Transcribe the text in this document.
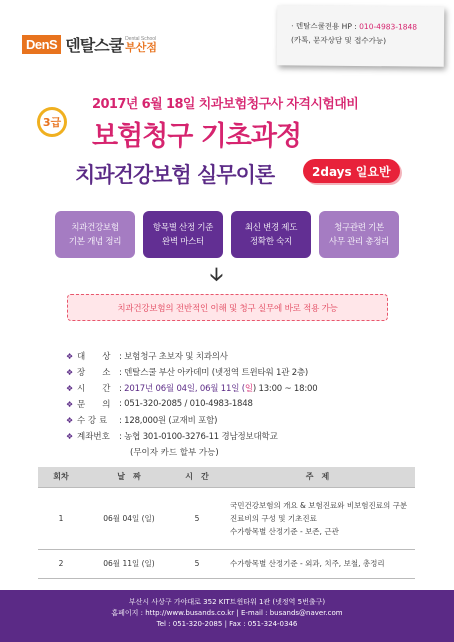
DenS 덴탈스쿨 Dental School
부산점
· 덴탈스쿨전용 HP : 010-4983-1848
(카톡, 문자상담 및 접수가능)
3급
2017년 6월 18일 치과보험청구사 자격시험대비
보험청구 기초과정
치과건강보험 실무이론	2days 일요반
치과건강보험
기본 개념 정리
항목별 산정 기준
완벽 마스터
최신 변경 제도
정확한 숙지
청구관련 기본
사무 관리 총정리
🡣
치과건강보험의 전반적인 이해 및 청구 실무에 바로 적용 가능
❖ 대　　상	: 보험청구 초보자 및 치과의사
❖ 장　　소	: 덴탈스쿨 부산 아카데미 (넷정역 트윈타워 1관 2층)
❖ 시　　간	: 2017년 06월 04일, 06월 11일 (일) 13:00 ~ 18:00
❖ 문　　의	: 051-320-2085 / 010-4983-1848
❖ 수 강 료	: 128,000원 (교재비 포함)
❖ 계좌번호	: 농협 301-0100-3276-11 경남정보대학교
(무이자 카드 할부 가능)
회차	날　짜	시　간	주　제
1	06월 04일 (일)	5	국민건강보험의 개요 & 보험진료와 비보험진료의 구분
진료비의 구성 및 기초진료
수가항목별 산정기준 - 보존, 근관

2	06월 11일 (일)	5	수가항목별 산정기준 - 외과, 치주, 보철, 총정리
부산시 사상구 가야대로 352 KIT트윈타워 1관 (넷정역 5번출구)
홈페이지 : http://www.busands.co.kr | E-mail : busands@naver.com
Tel : 051-320-2085 | Fax : 051-324-0346
